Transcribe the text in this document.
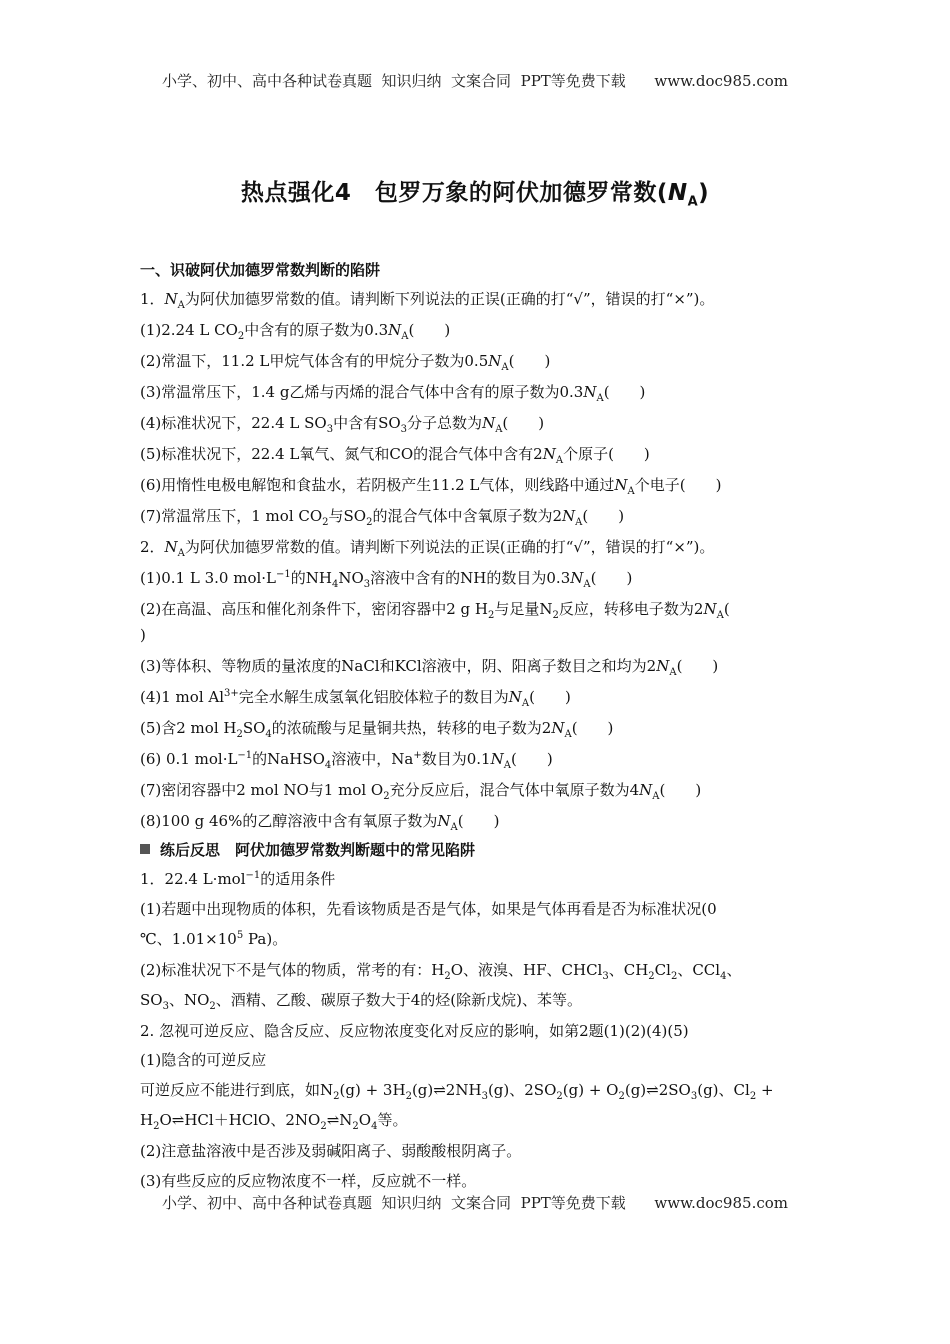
小学、初中、高中各种试卷真题  知识归纳  文案合同  PPT等免费下载      www.doc985.com
热点强化4　包罗万象的阿伏加德罗常数$(N_A)$
一、识破阿伏加德罗常数判断的陷阱
1．$N_A$为阿伏加德罗常数的值。请判断下列说法的正误(正确的打“√”，错误的打“×”)。
(1)2.24 L $CO_2$中含有的原子数为$0.3N_A$(　　)
(2)常温下，11.2 L甲烷气体含有的甲烷分子数为$0.5N_A$(　　)
(3)常温常压下，1.4 g乙烯与丙烯的混合气体中含有的原子数为$0.3N_A$(　　)
(4)标准状况下，22.4 L $SO_3$中含有$SO_3$分子总数为$N_A$(　　)
(5)标准状况下，22.4 L氧气、氮气和CO的混合气体中含有$2N_A$个原子(　　)
(6)用惰性电极电解饱和食盐水，若阴极产生11.2 L气体，则线路中通过$N_A$个电子(　　)
(7)常温常压下，1 mol $CO_2$与$SO_2$的混合气体中含氧原子数为$2N_A$(　　)
2．$N_A$为阿伏加德罗常数的值。请判断下列说法的正误(正确的打“√”，错误的打“×”)。
(1)0.1 L 3.0 $mol\cdot L^{-1}$的$NH_4NO_3$溶液中含有的NH的数目为$0.3N_A$(　　)
(2)在高温、高压和催化剂条件下，密闭容器中2 g $H_2$与足量$N_2$反应，转移电子数为$2N_A$(
)
(3)等体积、等物质的量浓度的NaCl和KCl溶液中，阴、阳离子数目之和均为$2N_A$(　　)
(4)1 mol $Al^{3+}$完全水解生成氢氧化铝胶体粒子的数目为$N_A$(　　)
(5)含2 mol $H_2SO_4$的浓硫酸与足量铜共热，转移的电子数为$2N_A$(　　)
(6) 0.1 $mol\cdot L^{-1}$的NaHSO$_4$溶液中，Na+数目为$0.1N_A$(　　)
(7)密闭容器中2 mol NO与1 mol $O_2$充分反应后，混合气体中氧原子数为$4N_A$(　　)
(8)100 g 46%的乙醇溶液中含有氧原子数为$N_A$(　　)
练后反思　阿伏加德罗常数判断题中的常见陷阱
1．22.4 L·mol$^{-1}$的适用条件
(1)若题中出现物质的体积，先看该物质是否是气体，如果是气体再看是否为标准状况(0
℃、$1.01\times 10^5$ Pa)。
(2)标准状况下不是气体的物质，常考的有：$H_2O$、液溴、HF、CHCl$_3$、$CH_2Cl_2$、CCl$_4$、
$SO_3$、$NO_2$、酒精、乙酸、碳原子数大于4的烃(除新戊烷)、苯等。
2. 忽视可逆反应、隐含反应、反应物浓度变化对反应的影响，如第2题(1)(2)(4)(5)
(1)隐含的可逆反应
可逆反应不能进行到底，如$N_2(g)$ + $3H_2(g)\rightleftharpoons 2NH_3(g)$、$2SO_2(g)$ + $O_2(g)\rightleftharpoons 2SO_3(g)$、$Cl_2$ +
$H_2O\rightleftharpoons HCl+HClO$、$2NO_2\rightleftharpoons N_2O_4$等。
(2)注意盐溶液中是否涉及弱碱阳离子、弱酸酸根阴离子。
(3)有些反应的反应物浓度不一样，反应就不一样。
小学、初中、高中各种试卷真题  知识归纳  文案合同  PPT等免费下载      www.doc985.com
